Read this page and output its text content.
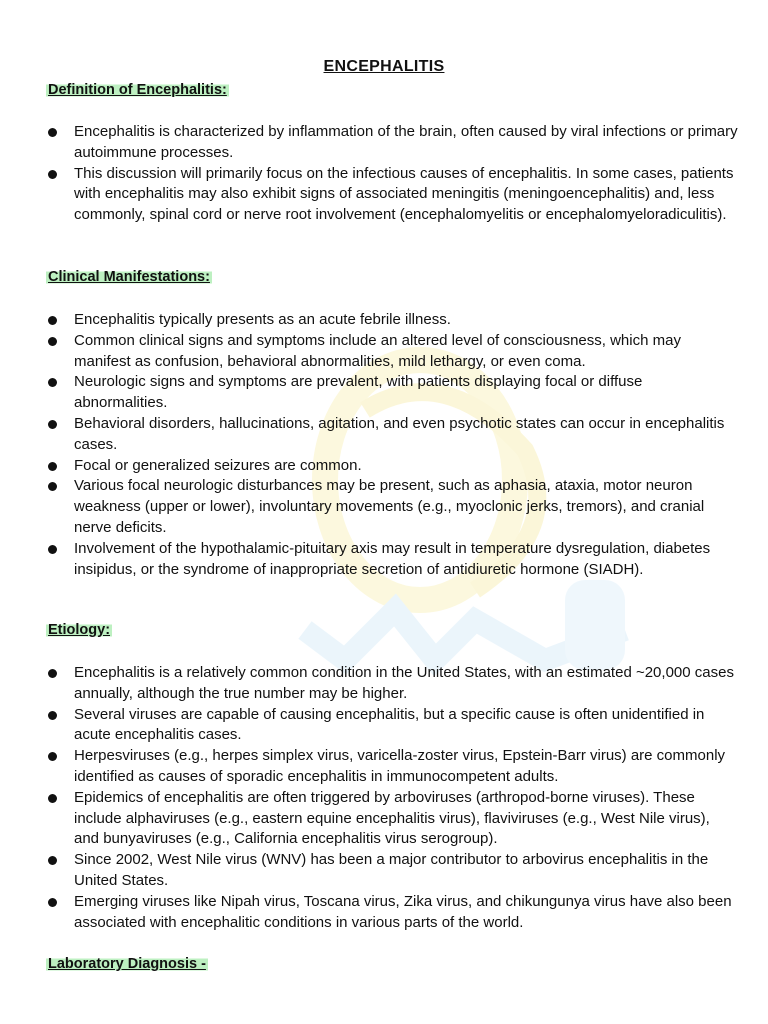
ENCEPHALITIS
Definition of Encephalitis:
Encephalitis is characterized by inflammation of the brain, often caused by viral infections or primary autoimmune processes.
This discussion will primarily focus on the infectious causes of encephalitis. In some cases, patients with encephalitis may also exhibit signs of associated meningitis (meningoencephalitis) and, less commonly, spinal cord or nerve root involvement (encephalomyelitis or encephalomyeloradiculitis).
Clinical Manifestations:
Encephalitis typically presents as an acute febrile illness.
Common clinical signs and symptoms include an altered level of consciousness, which may manifest as confusion, behavioral abnormalities, mild lethargy, or even coma.
Neurologic signs and symptoms are prevalent, with patients displaying focal or diffuse abnormalities.
Behavioral disorders, hallucinations, agitation, and even psychotic states can occur in encephalitis cases.
Focal or generalized seizures are common.
Various focal neurologic disturbances may be present, such as aphasia, ataxia, motor neuron weakness (upper or lower), involuntary movements (e.g., myoclonic jerks, tremors), and cranial nerve deficits.
Involvement of the hypothalamic-pituitary axis may result in temperature dysregulation, diabetes insipidus, or the syndrome of inappropriate secretion of antidiuretic hormone (SIADH).
Etiology:
Encephalitis is a relatively common condition in the United States, with an estimated ~20,000 cases annually, although the true number may be higher.
Several viruses are capable of causing encephalitis, but a specific cause is often unidentified in acute encephalitis cases.
Herpesviruses (e.g., herpes simplex virus, varicella-zoster virus, Epstein-Barr virus) are commonly identified as causes of sporadic encephalitis in immunocompetent adults.
Epidemics of encephalitis are often triggered by arboviruses (arthropod-borne viruses). These include alphaviruses (e.g., eastern equine encephalitis virus), flaviviruses (e.g., West Nile virus), and bunyaviruses (e.g., California encephalitis virus serogroup).
Since 2002, West Nile virus (WNV) has been a major contributor to arbovirus encephalitis in the United States.
Emerging viruses like Nipah virus, Toscana virus, Zika virus, and chikungunya virus have also been associated with encephalitic conditions in various parts of the world.
Laboratory Diagnosis -
